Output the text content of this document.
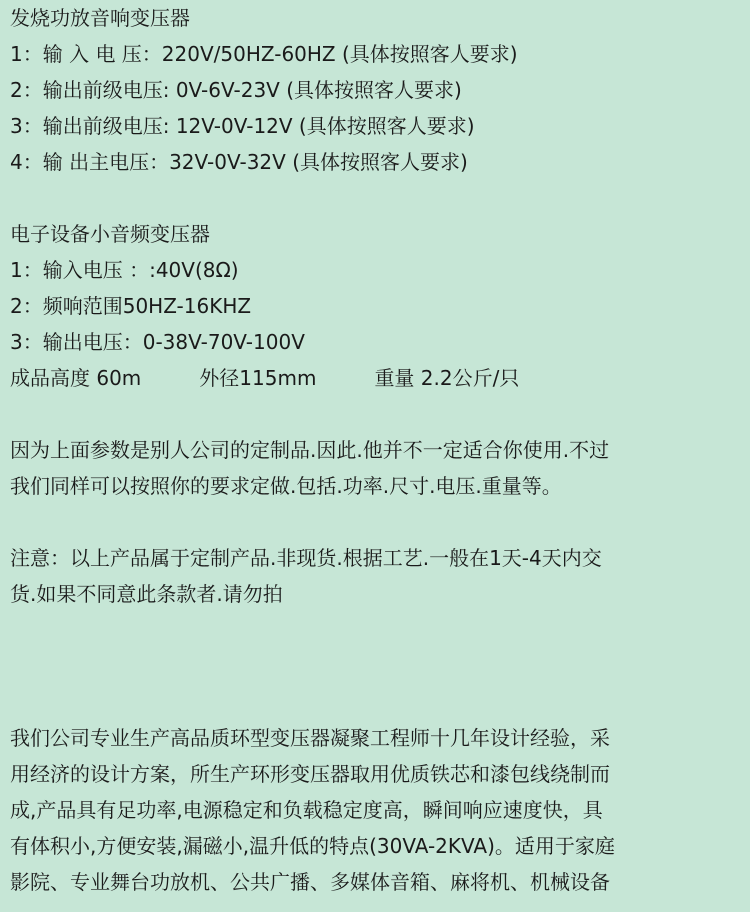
发烧功放音响变压器
1：输 入 电 压：220V/50HZ-60HZ (具体按照客人要求)
2：输出前级电压: 0V-6V-23V (具体按照客人要求)
3：输出前级电压: 12V-0V-12V (具体按照客人要求)
4：输 出主电压：32V-0V-32V (具体按照客人要求)
电子设备小音频变压器
1：输入电压 ：:40V(8Ω)
2：频响范围50HZ-16KHZ
3：输出电压：0-38V-70V-100V
成品高度 60m	外径115mm	重量 2.2公斤/只
因为上面参数是别人公司的定制品.因此.他并不一定适合你使用.不过
我们同样可以按照你的要求定做.包括.功率.尺寸.电压.重量等。
注意：以上产品属于定制产品.非现货.根据工艺.一般在1天-4天内交
货.如果不同意此条款者.请勿拍
我们公司专业生产高品质环型变压器凝聚工程师十几年设计经验，采
用经济的设计方案，所生产环形变压器取用优质铁芯和漆包线绕制而
成,产品具有足功率,电源稳定和负载稳定度高，瞬间响应速度快，具
有体积小,方便安装,漏磁小,温升低的特点(30VA-2KVA)。适用于家庭
影院、专业舞台功放机、公共广播、多媒体音箱、麻将机、机械设备
